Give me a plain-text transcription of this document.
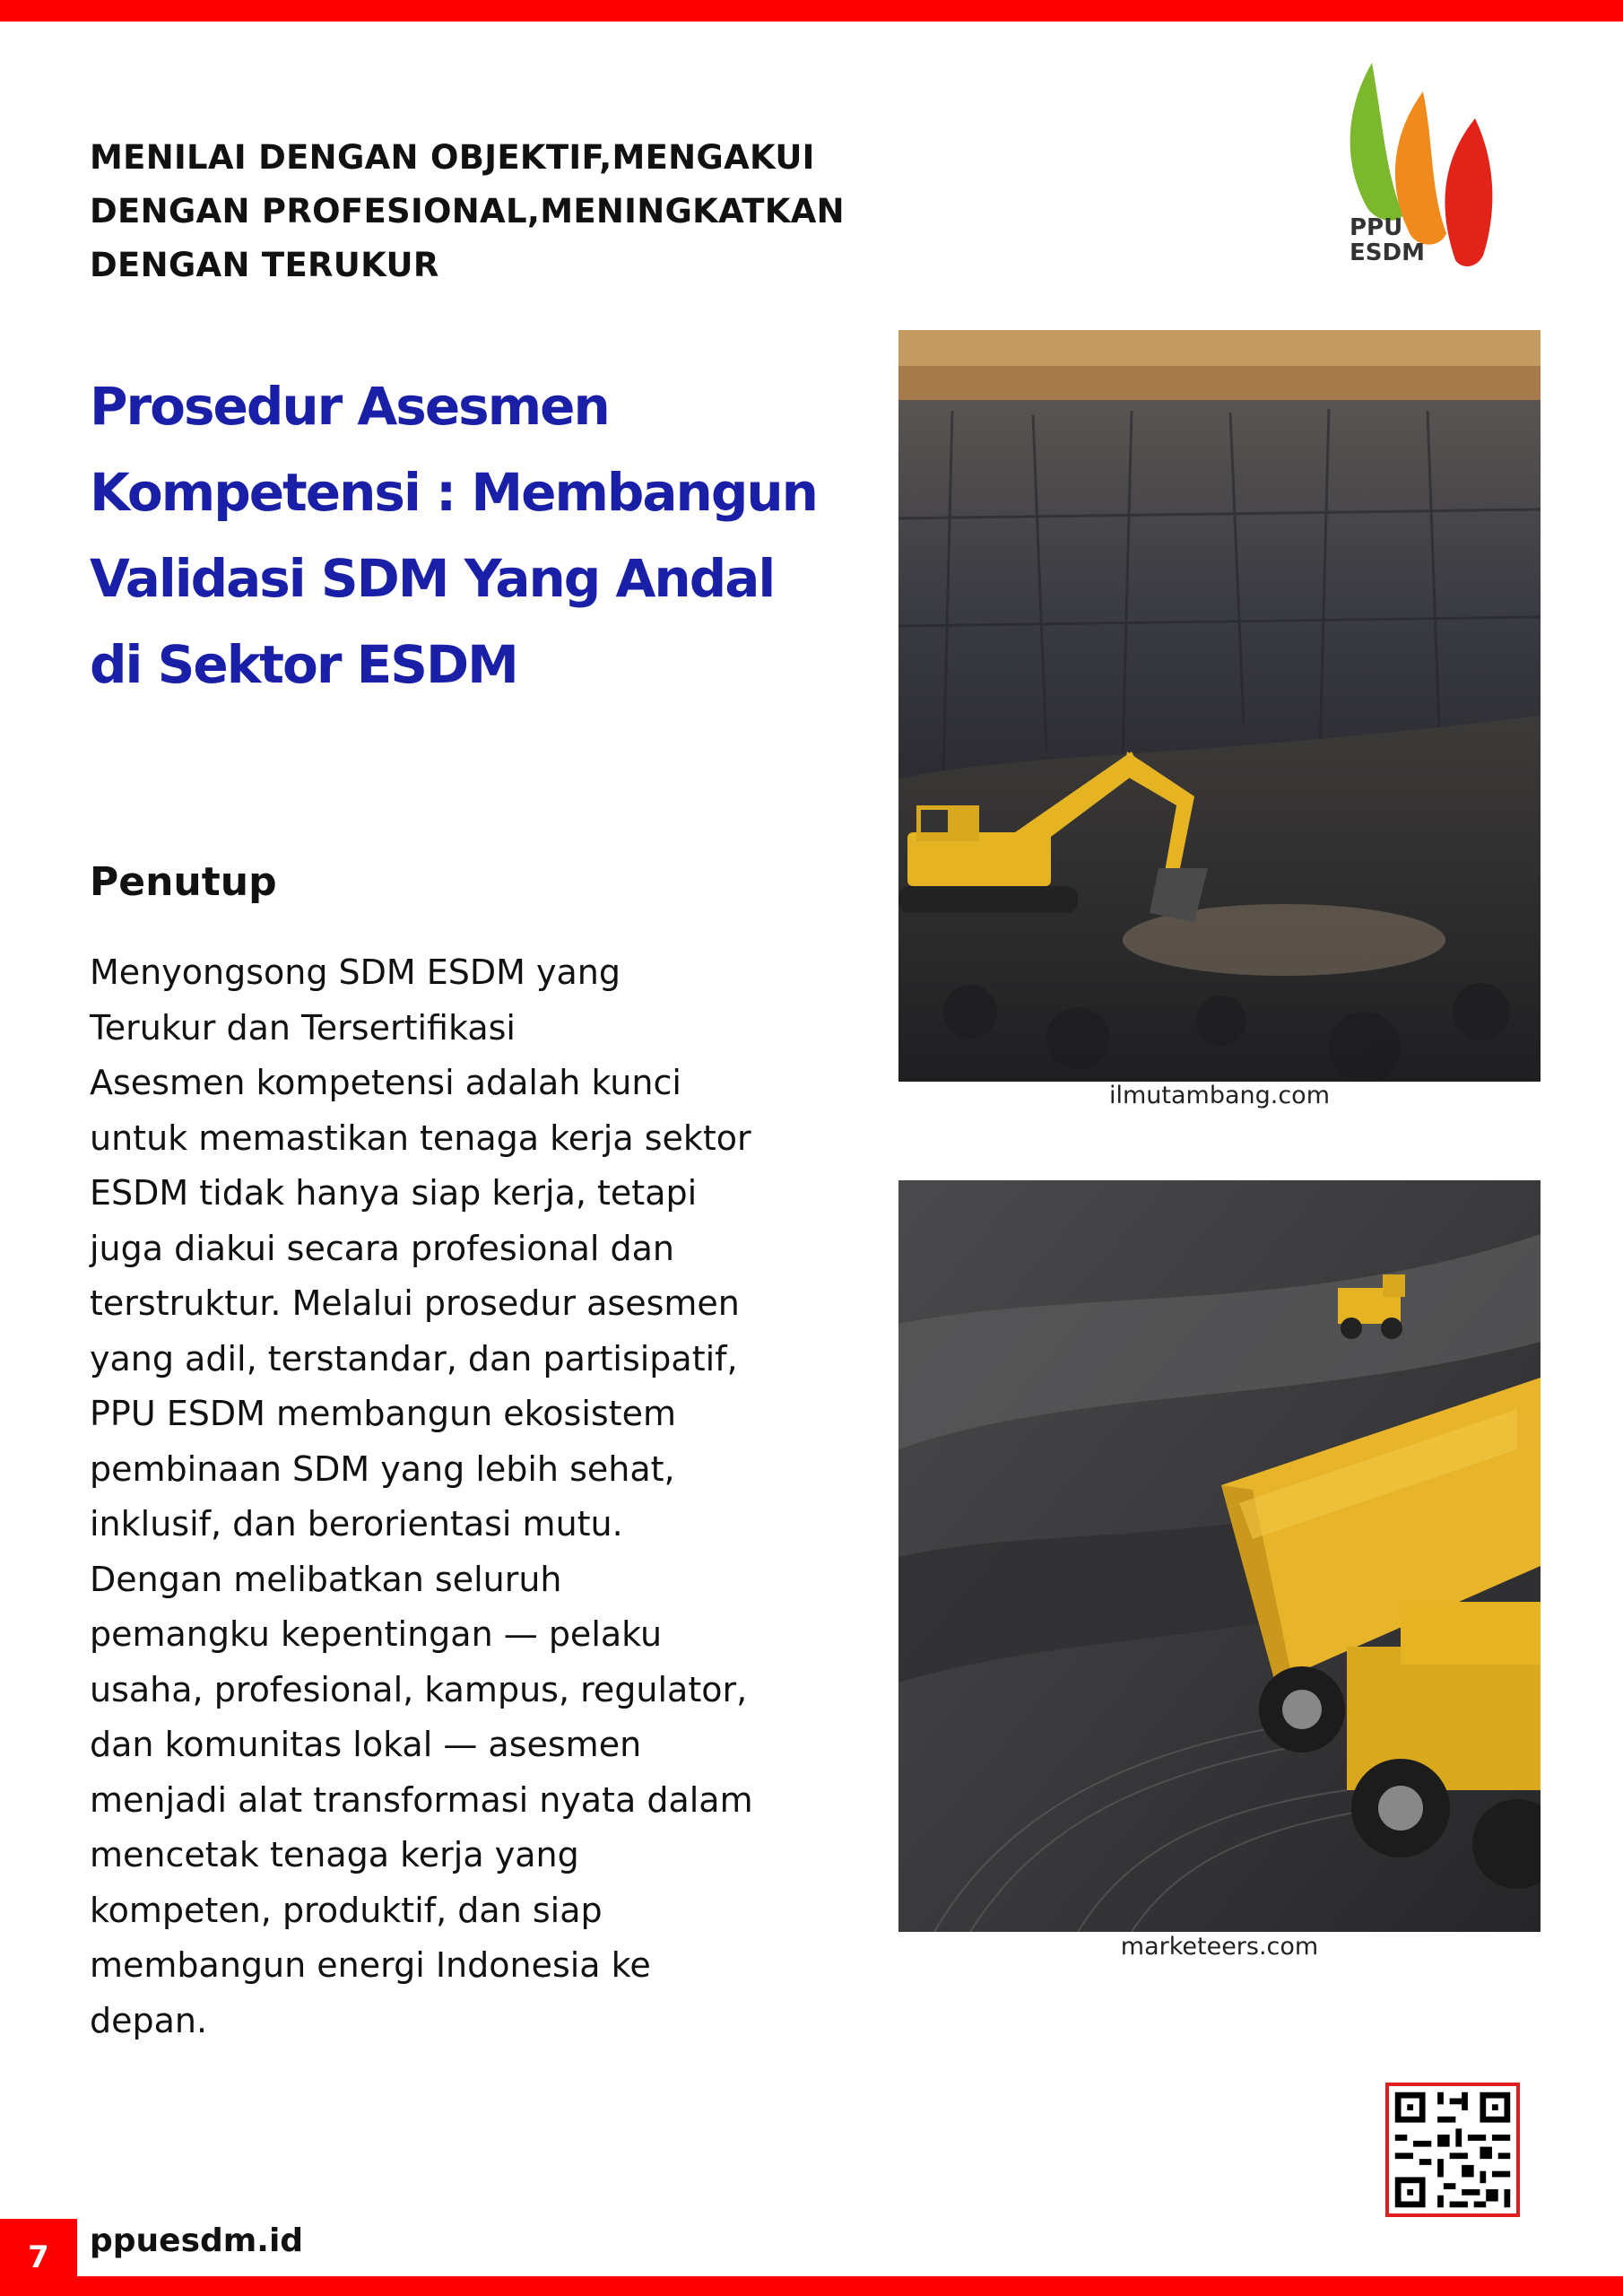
MENILAI DENGAN OBJEKTIF,MENGAKUI
DENGAN PROFESIONAL,MENINGKATKAN
DENGAN TERUKUR
PPU
ESDM
Prosedur Asesmen
Kompetensi : Membangun
Validasi SDM Yang Andal
di Sektor ESDM
Penutup
Menyongsong SDM ESDM yang
Terukur dan Tersertifikasi
Asesmen kompetensi adalah kunci
untuk memastikan tenaga kerja sektor
ESDM tidak hanya siap kerja, tetapi
juga diakui secara profesional dan
terstruktur. Melalui prosedur asesmen
yang adil, terstandar, dan partisipatif,
PPU ESDM membangun ekosistem
pembinaan SDM yang lebih sehat,
inklusif, dan berorientasi mutu.
Dengan melibatkan seluruh
pemangku kepentingan — pelaku
usaha, profesional, kampus, regulator,
dan komunitas lokal — asesmen
menjadi alat transformasi nyata dalam
mencetak tenaga kerja yang
kompeten, produktif, dan siap
membangun energi Indonesia ke
depan.
ilmutambang.com
marketeers.com
7	ppuesdm.id
